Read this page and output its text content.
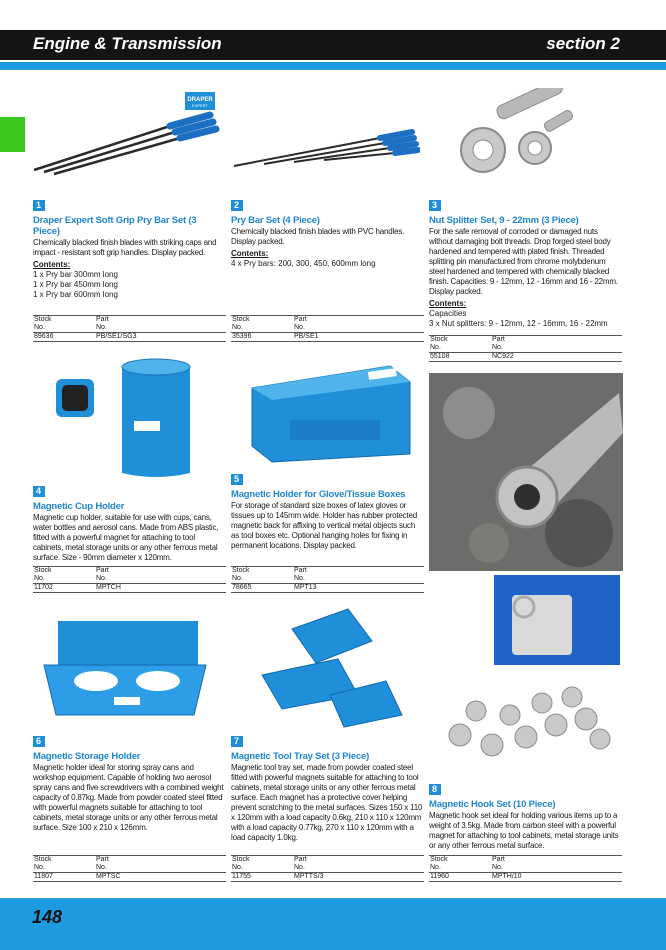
Engine & Transmission	section 2
DRAPER
EXPERT
1
Draper Expert Soft Grip Pry Bar Set (3 Piece)
Chemically blacked finish blades with striking caps and impact - resistant soft grip handles. Display packed.
Contents:
1 x Pry bar 300mm long
1 x Pry bar 450mm long
1 x Pry bar 600mm long
Stock	Part
No.	No.
89636	PB/SE1/SG3
2
Pry Bar Set (4 Piece)
Chemically blacked finish blades with PVC handles. Display packed.
Contents:
4 x Pry bars: 200, 300, 450, 600mm long
Stock	Part
No.	No.
35396	PB/SE1
3
Nut Splitter Set, 9 - 22mm (3 Piece)
For the safe removal of corroded or damaged nuts without damaging bolt threads. Drop forged steel body hardened and tempered with plated finish. Threaded splitting pin manufactured from chrome molybdenum steel hardened and tempered with chemically blacked finish. Capacities: 9 - 12mm, 12 - 16mm and 16 - 22mm. Display packed.
Contents:
Capacities
3 x Nut splitters: 9 - 12mm, 12 - 16mm, 16 - 22mm
Stock	Part
No.	No.
55108	NC922
4
Magnetic Cup Holder
Magnetic cup holder, suitable for use with cups, cans, water bottles and aerosol cans. Made from ABS plastic, fitted with a powerful magnet for attaching to tool cabinets, metal storage units or any other ferrous metal surface. Size - 90mm diameter x 120mm.
Stock	Part
No.	No.
11702	MPTCH
5
Magnetic Holder for Glove/Tissue Boxes
For storage of standard size boxes of latex gloves or tissues up to 145mm wide. Holder has rubber protected magnetic back for affixing to vertical metal objects such as tool boxes etc. Optional hanging holes for fixing in permanent locations. Display packed.
Stock	Part
No.	No.
78665	MPT13
6
Magnetic Storage Holder
Magnetic holder ideal for storing spray cans and workshop equipment. Capable of holding two aerosol spray cans and five screwdrivers with a combined weight capacity of 0.87kg. Made from powder coated steel fitted with powerful magnets suitable for attaching to tool cabinets, metal storage units or any other ferrous metal surface. Size 100 x 210 x 126mm.
Stock	Part
No.	No.
11807	MPTSC
7
Magnetic Tool Tray Set (3 Piece)
Magnetic tool tray set, made from powder coated steel fitted with powerful magnets suitable for attaching to tool cabinets, metal storage units or any other ferrous metal surface. Each magnet has a protective cover helping prevent scratching to the metal surfaces. Sizes 150 x 110 x 120mm with a load capacity 0.6kg, 210 x 110 x 120mm with a load capacity 0.77kg, 270 x 110 x 120mm with a load capacity 1.0kg.
Stock	Part
No.	No.
11755	MPTTS/3
8
Magnetic Hook Set (10 Piece)
Magnetic hook set ideal for holding various items up to a weight of 3.5kg. Made from carbon steel with a powerful magnet for attaching to tool cabinets, metal storage units or any other ferrous metal surface.
Stock	Part
No.	No.
11960	MPTH/10
148
